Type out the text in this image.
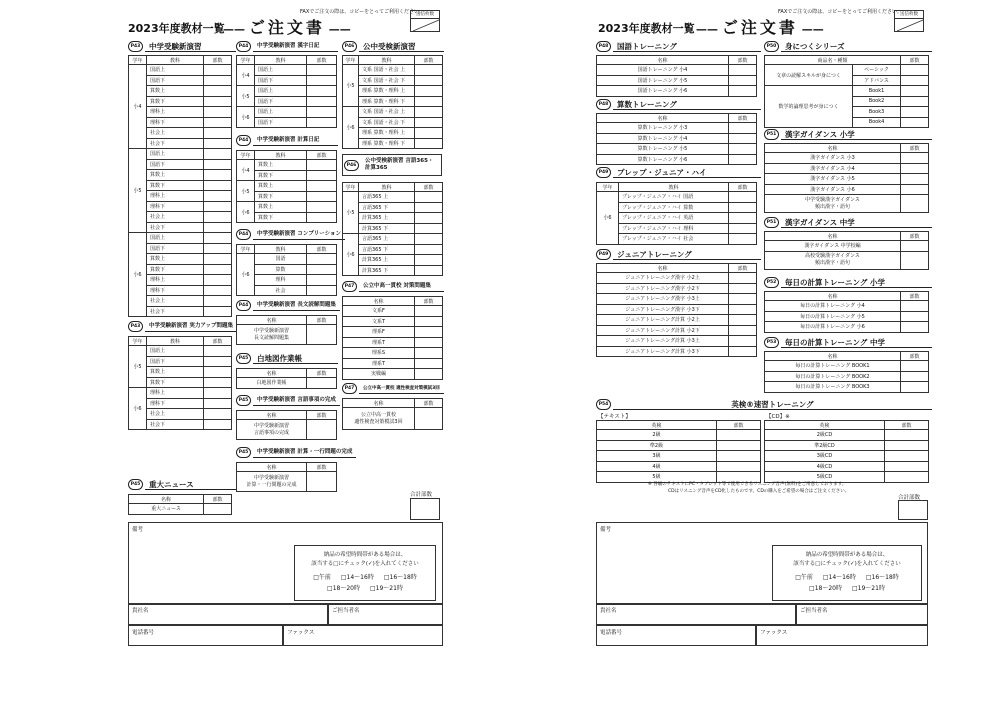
FAXでご注文の際は、コピーをとってご利用ください。
送信枚数
2023年度教材一覧
—— ご注文書 ——
P43	中学受験新演習
学年	教科	部数
小4	国語上	
	国語下	
	算数上	
	算数下	
	理科上	
	理科下	
	社会上	
	社会下	
小5	国語上	
	国語下	
	算数上	
	算数下	
	理科上	
	理科下	
	社会上	
	社会下	
小6	国語上	
	国語下	
	算数上	
	算数下	
	理科上	
	理科下	
	社会上	
	社会下	
P43	中学受験新演習 実力アップ問題集
学年	教科	部数
小5	国語上	
	国語下	
	算数上	
	算数下	
小6	理科上	
	理科下	
	社会上	
	社会下	
P45	重大ニュース
名称	部数
重大ニュース	
P44	中学受験新演習 漢字日記
学年	教科	部数
小4	国語上	
	国語下	
小5	国語上	
	国語下	
小6	国語上	
	国語下	
P44	中学受験新演習 計算日記
学年	教科	部数
小4	算数上	
	算数下	
小5	算数上	
	算数下	
小6	算数上	
	算数下	
P44	中学受験新演習 コンプリーション
学年	教科	部数
小6	国語	
	算数	
	理科	
	社会	
P44	中学受験新演習 長文読解問題集
名称	部数
中学受験新演習
長文読解問題集	
P45	白地図作業帳
名称	部数
白地図作業帳	
P45	中学受験新演習 言語事項の完成
名称	部数
中学受験新演習
言語事項の完成	
P45	中学受験新演習 計算・一行問題の完成
名称	部数
中学受験新演習
計算・一行問題の完成	
P46	公中受検新演習
学年	教科	部数
小5	文系 国語・社会 上	
	文系 国語・社会 下	
	理系 算数・理科 上	
	理系 算数・理科 下	
小6	文系 国語・社会 上	
	文系 国語・社会 下	
	理系 算数・理科 上	
	理系 算数・理科 下	
P46
公中受検新演習 言語365・計算365
学年	教科	部数
小5	言語365 上	
	言語365 下	
	計算365 上	
	計算365 下	
小6	言語365 上	
	言語365 下	
	計算365 上	
	計算365 下	
P47	公立中高一貫校 対策問題集
名称	部数
文系F	
文系T	
理系F	
理系T	
理系S	
理系T	
実戦編	
P47	公立中高一貫校 適性検査対策模試3回
名称	部数
公立中高一貫校
適性検査対策模試3回	
合計部数
備考
納品の希望時間帯がある場合は、
該当する□にチェック(✓)を入れてください
□午前 □14〜16時 □16〜18時
□18〜20時 □19〜21時
貴社名	ご担当者名
電話番号	ファックス
FAXでご注文の際は、コピーをとってご利用ください。
送信枚数
2023年度教材一覧 —— ご注文書 ——
P48	国語トレーニング
名称	部数
国語トレーニング 小4	
国語トレーニング 小5	
国語トレーニング 小6	
P48	算数トレーニング
名称	部数
算数トレーニング 小3	
算数トレーニング 小4	
算数トレーニング 小5	
算数トレーニング 小6	
P49	プレップ・ジュニア・ハイ
学年	教科	部数
小6	プレップ・ジュニア・ハイ 国語	
	プレップ・ジュニア・ハイ 算数	
	プレップ・ジュニア・ハイ 英語	
	プレップ・ジュニア・ハイ 理科	
	プレップ・ジュニア・ハイ 社会	
P49	ジュニアトレーニング
名称	部数
ジュニアトレーニング漢字 小2上	
ジュニアトレーニング漢字 小2下	
ジュニアトレーニング漢字 小3上	
ジュニアトレーニング漢字 小3下	
ジュニアトレーニング計算 小2上	
ジュニアトレーニング計算 小2下	
ジュニアトレーニング計算 小3上	
ジュニアトレーニング計算 小3下	
P50	身につくシリーズ
商品名・種類		部数
文章の読解スキルが身につく	ベーシック	
	アドバンス	
数学的論理思考が身につく	Book1	
	Book2	
	Book3	
	Book4	
P51	漢字ガイダンス 小学
名称	部数
漢字ガイダンス 小3	
漢字ガイダンス 小4	
漢字ガイダンス 小5	
漢字ガイダンス 小6	
中学受験漢字ガイダンス
頻出漢字・語句	
P51	漢字ガイダンス 中学
名称	部数
漢字ガイダンス 中学校編	
高校受験漢字ガイダンス
頻出漢字・語句	
P52	毎日の計算トレーニング 小学
名称	部数
毎日の計算トレーニング 小4	
毎日の計算トレーニング 小5	
毎日の計算トレーニング 小6	
P53	毎日の計算トレーニング 中学
名称	部数
毎日の計算トレーニング BOOK1	
毎日の計算トレーニング BOOK2	
毎日の計算トレーニング BOOK3	
P54	英検®速習トレーニング
【テキスト】	【CD】※
英検	部数
2級	
準2級	
3級	
4級	
5級	
英検	部数
2級CD	
準2級CD	
3級CD	
4級CD	
5級CD	
※ 各級のテキストにPC・タブレット等で使用できるリスニング音声(無料)をご用意しております。
CDはリスニング音声をCD化したものです。CDの購入をご希望の場合はご注文ください。
合計部数
備考
納品の希望時間帯がある場合は、
該当する□にチェック(✓)を入れてください
□午前 □14〜16時 □16〜18時
□18〜20時 □19〜21時
貴社名	ご担当者名
電話番号	ファックス
